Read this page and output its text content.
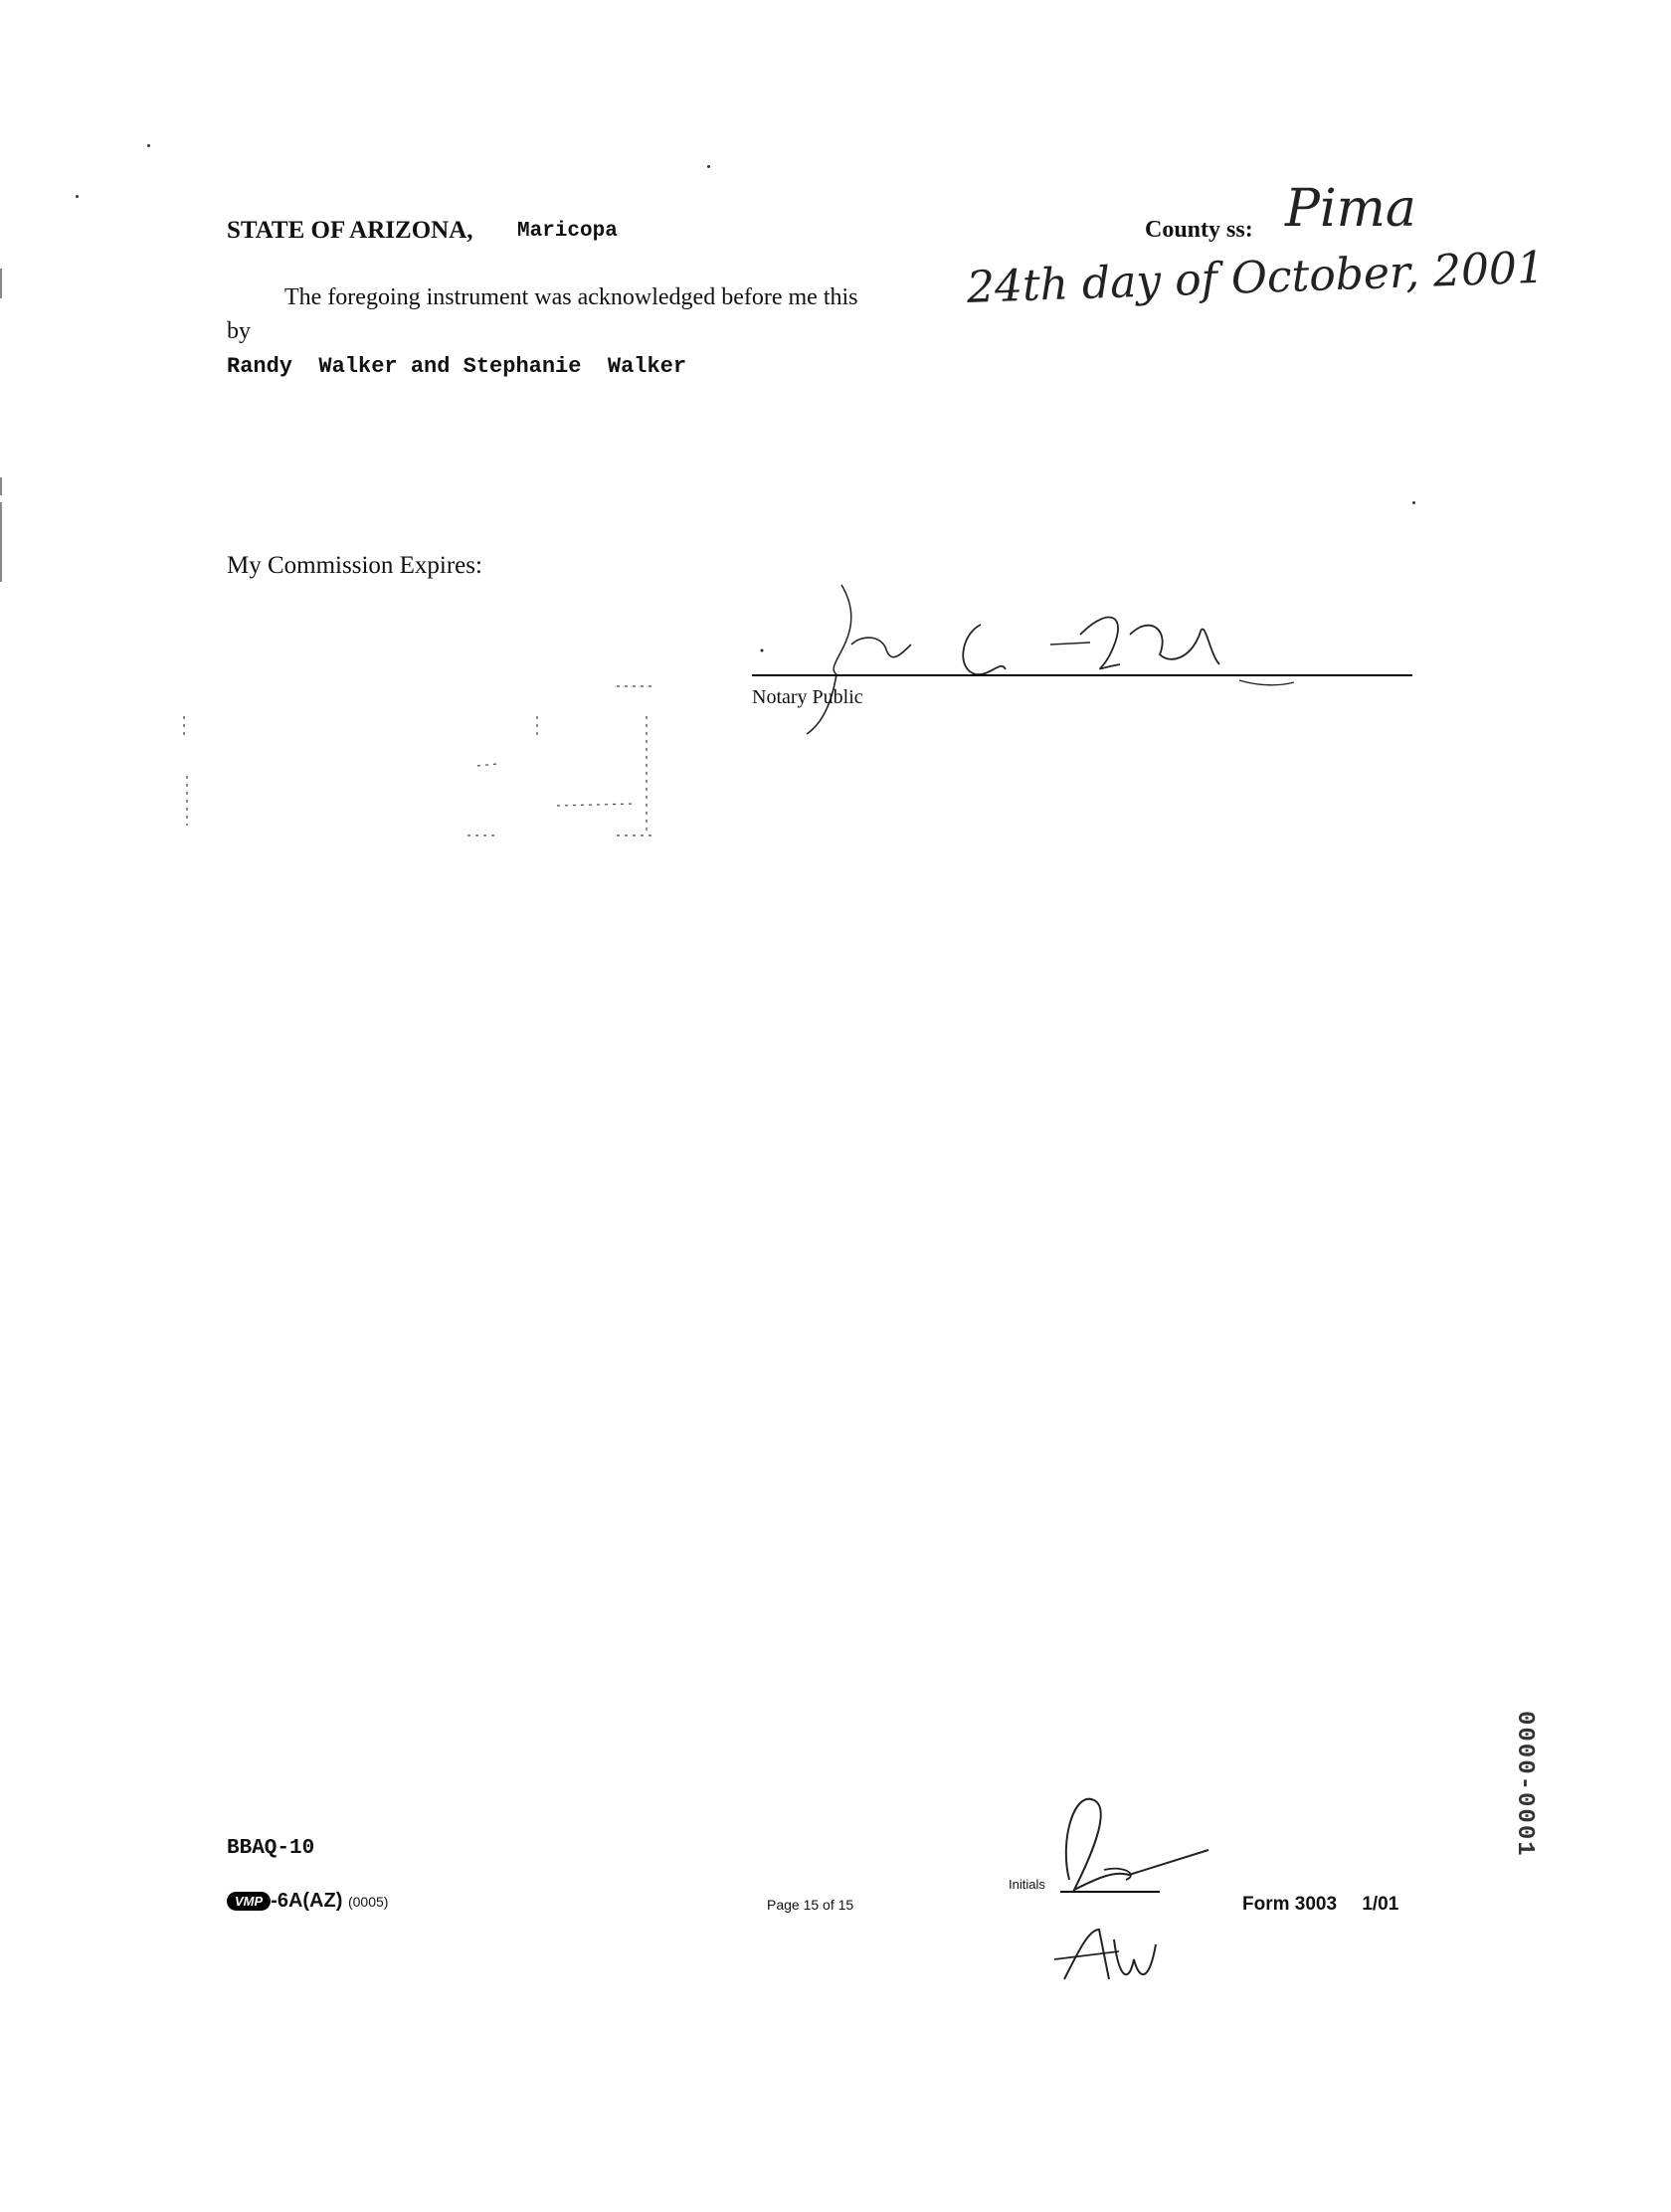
STATE OF ARIZONA, Maricopa	County ss: Pima
The foregoing instrument was acknowledged before me this 24th day of October, 2001
by
Randy  Walker and Stephanie  Walker
My Commission Expires:
Notary Public
BBAQ-10
VMP -6A(AZ) (0005)	Page 15 of 15
Initials
Form 3003 1/01
0000-0001
